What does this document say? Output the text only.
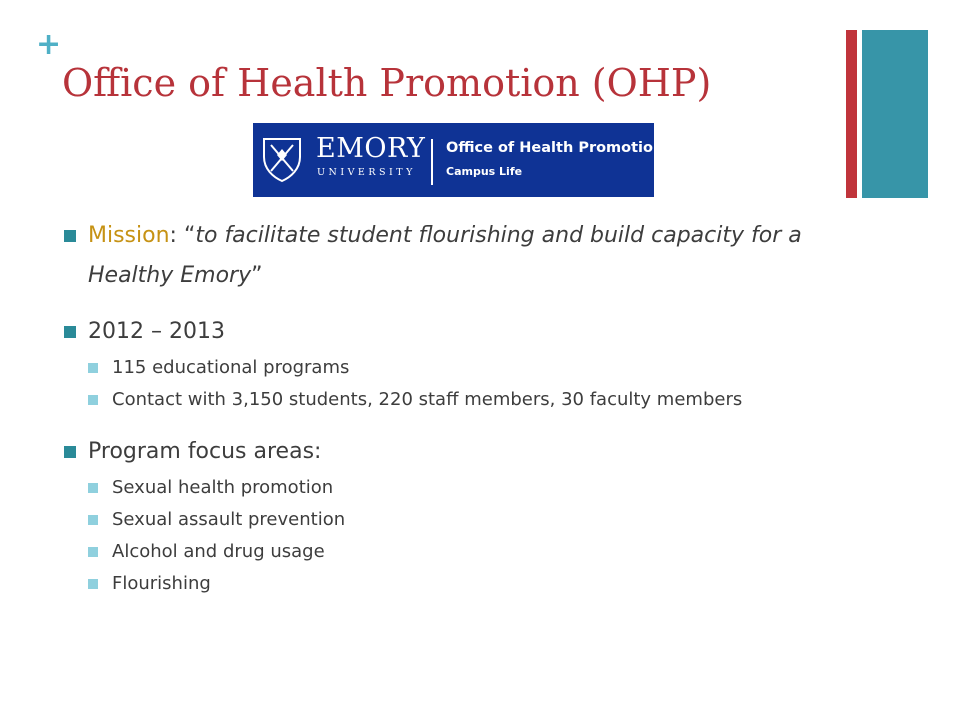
+
Office of Health Promotion (OHP)
EMORY
UNIVERSITY
Office of Health Promotion
Campus Life
Mission: “to facilitate student flourishing and build capacity for a Healthy Emory”
2012 – 2013
115 educational programs
Contact with 3,150 students, 220 staff members, 30 faculty members
Program focus areas:
Sexual health promotion
Sexual assault prevention
Alcohol and drug usage
Flourishing
